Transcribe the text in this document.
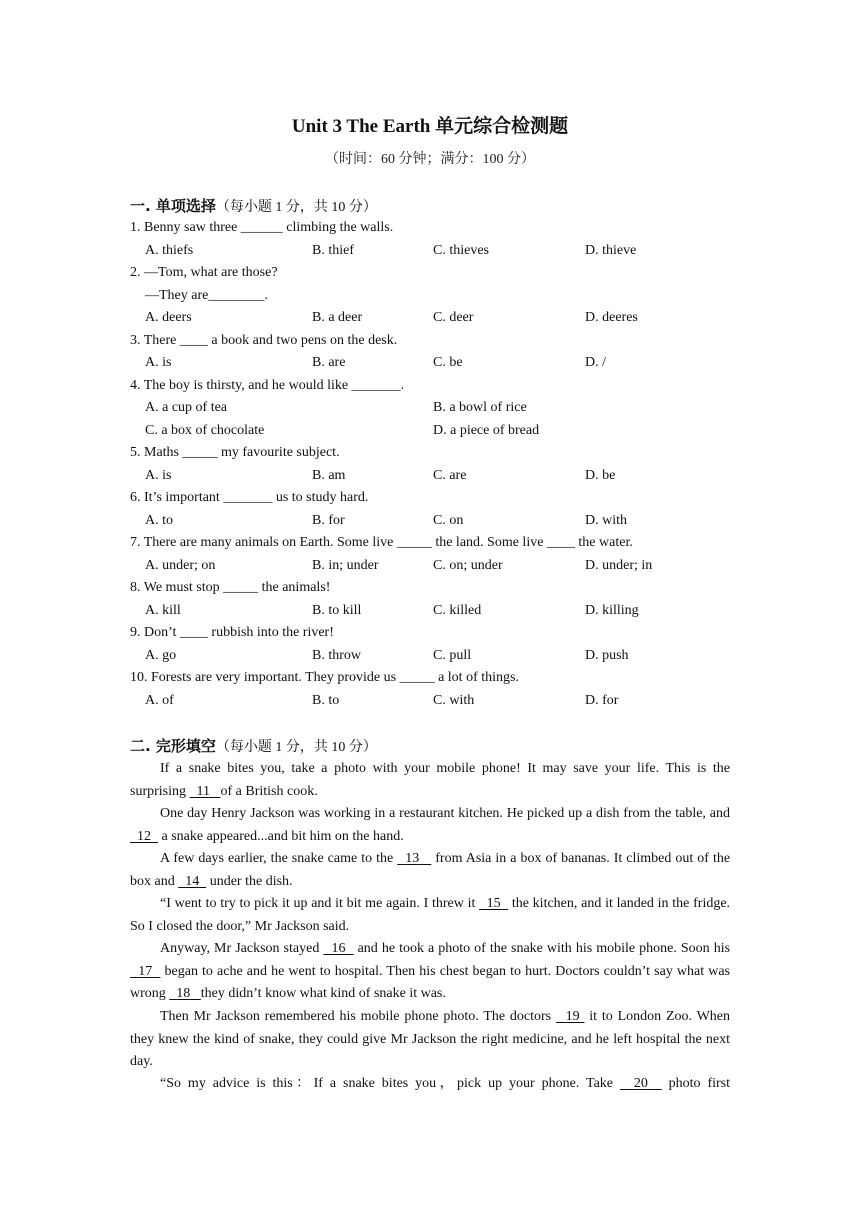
Unit 3 The Earth 单元综合检测题
（时间：60 分钟；满分：100 分）
一. 单项选择（每小题 1 分，共 10 分）
1. Benny saw three ______ climbing the walls.
A. thiefs	B. thief	C. thieves	D. thieve
2. —Tom, what are those?
—They are________.
A. deers	B. a deer	C. deer	D. deeres
3. There ____ a book and two pens on the desk.
A. is	B. are	C. be	D. /
4. The boy is thirsty, and he would like _______.
A. a cup of tea	B. a bowl of rice
C. a box of chocolate	D. a piece of bread
5. Maths _____ my favourite subject.
A. is	B. am	C. are	D. be
6. It’s important _______ us to study hard.
A. to	B. for	C. on	D. with
7. There are many animals on Earth. Some live _____ the land. Some live ____ the water.
A. under; on	B. in; under	C. on; under	D. under; in
8. We must stop _____ the animals!
A. kill	B. to kill	C. killed	D. killing
9. Don’t ____ rubbish into the river!
A. go	B. throw	C. pull	D. push
10. Forests are very important. They provide us _____ a lot of things.
A. of	B. to	C. with	D. for
二. 完形填空（每小题 1 分，共 10 分）
If a snake bites you, take a photo with your mobile phone! It may save your life. This is the surprising 11 of a British cook.
One day Henry Jackson was working in a restaurant kitchen. He picked up a dish from the table, and   12 a snake appeared...and bit him on the hand.
A few days earlier, the snake came to the 13 from Asia in a box of bananas. It climbed out of the box and 14 under the dish.
“I went to try to pick it up and it bit me again. I threw it 15 the kitchen, and it landed in the fridge. So I closed the door,” Mr Jackson said.
Anyway, Mr Jackson stayed 16 and he took a photo of the snake with his mobile phone. Soon his   17 began to ache and he went to hospital. Then his chest began to hurt. Doctors couldn’t say what was wrong 18 they didn’t know what kind of snake it was.
Then Mr Jackson remembered his mobile phone photo. The doctors 19 it to London Zoo. When they knew the kind of snake, they could give Mr Jackson the right medicine, and he left hospital the next day.
“So my advice is this：If a snake bites you，pick up your phone. Take 20 photo first
